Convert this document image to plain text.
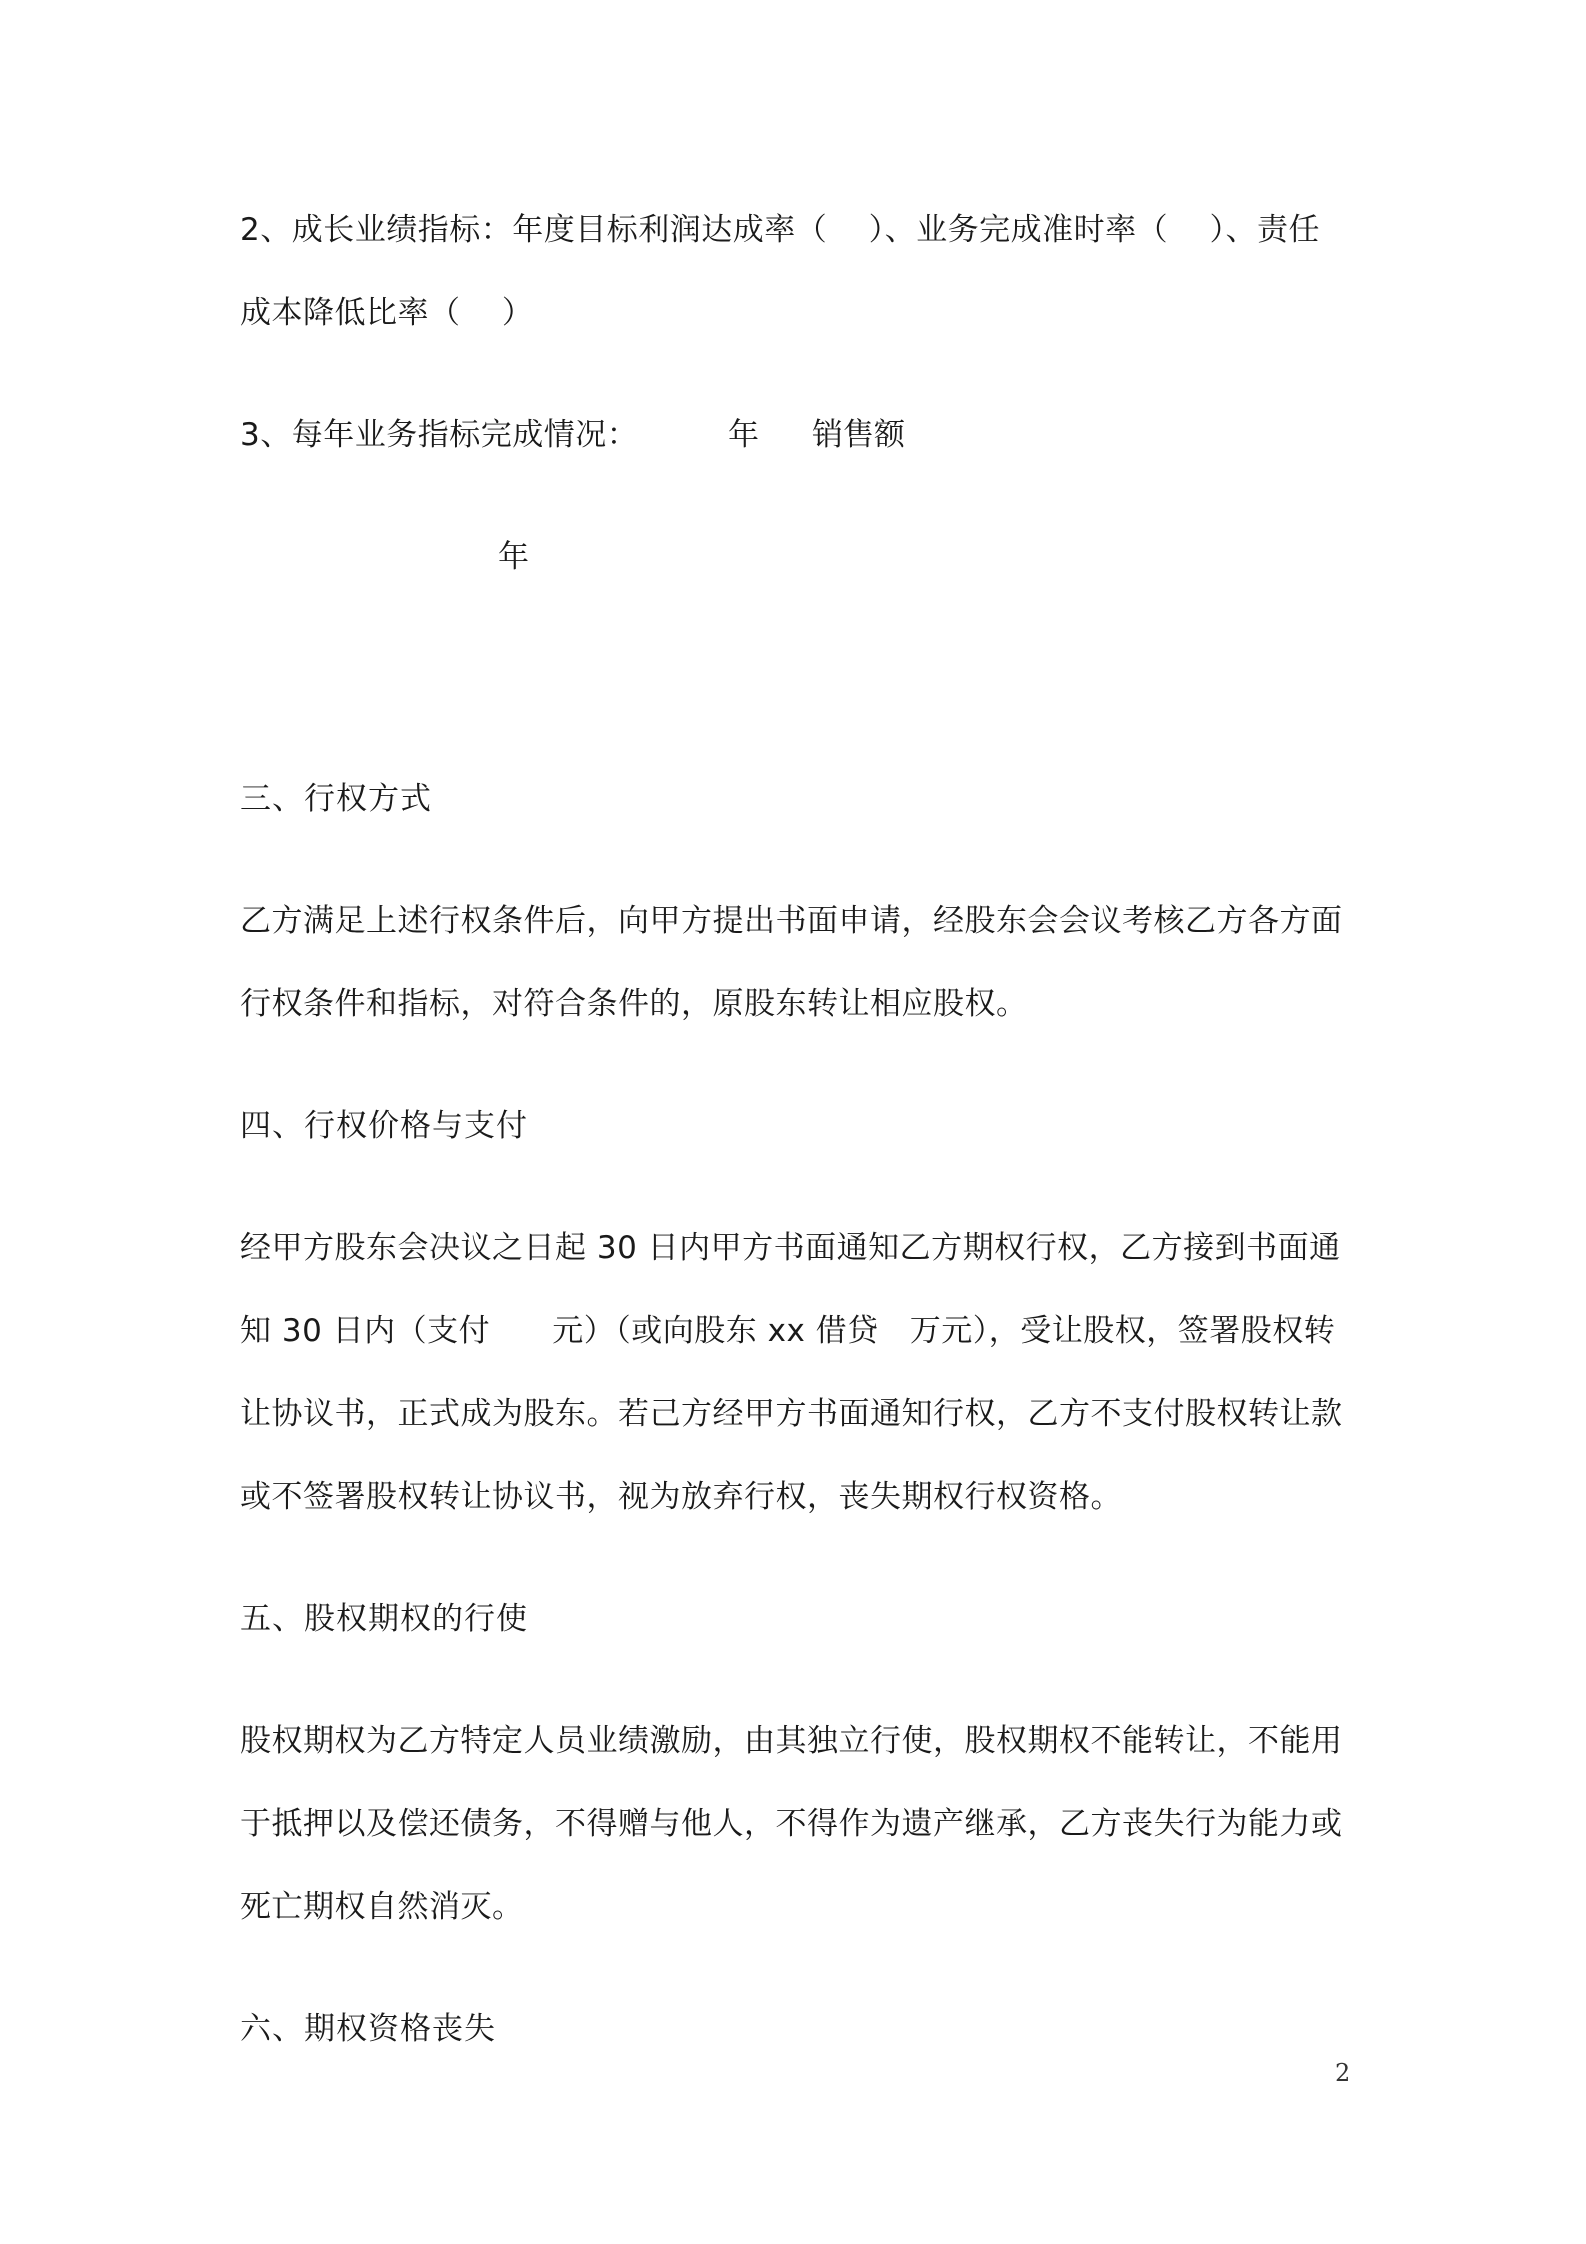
2、成长业绩指标：年度目标利润达成率（    ）、业务完成准时率（    ）、责任
成本降低比率（    ）
3、每年业务指标完成情况：	年 销售额
年
三、行权方式
乙方满足上述行权条件后，向甲方提出书面申请，经股东会会议考核乙方各方面
行权条件和指标，对符合条件的，原股东转让相应股权。
四、行权价格与支付
经甲方股东会决议之日起 30 日内甲方书面通知乙方期权行权，乙方接到书面通
知 30 日内（支付      元）（或向股东 xx 借贷   万元），受让股权，签署股权转
让协议书，正式成为股东。若己方经甲方书面通知行权，乙方不支付股权转让款
或不签署股权转让协议书，视为放弃行权，丧失期权行权资格。
五、股权期权的行使
股权期权为乙方特定人员业绩激励，由其独立行使，股权期权不能转让，不能用
于抵押以及偿还债务，不得赠与他人，不得作为遗产继承，乙方丧失行为能力或
死亡期权自然消灭。
六、期权资格丧失
2
